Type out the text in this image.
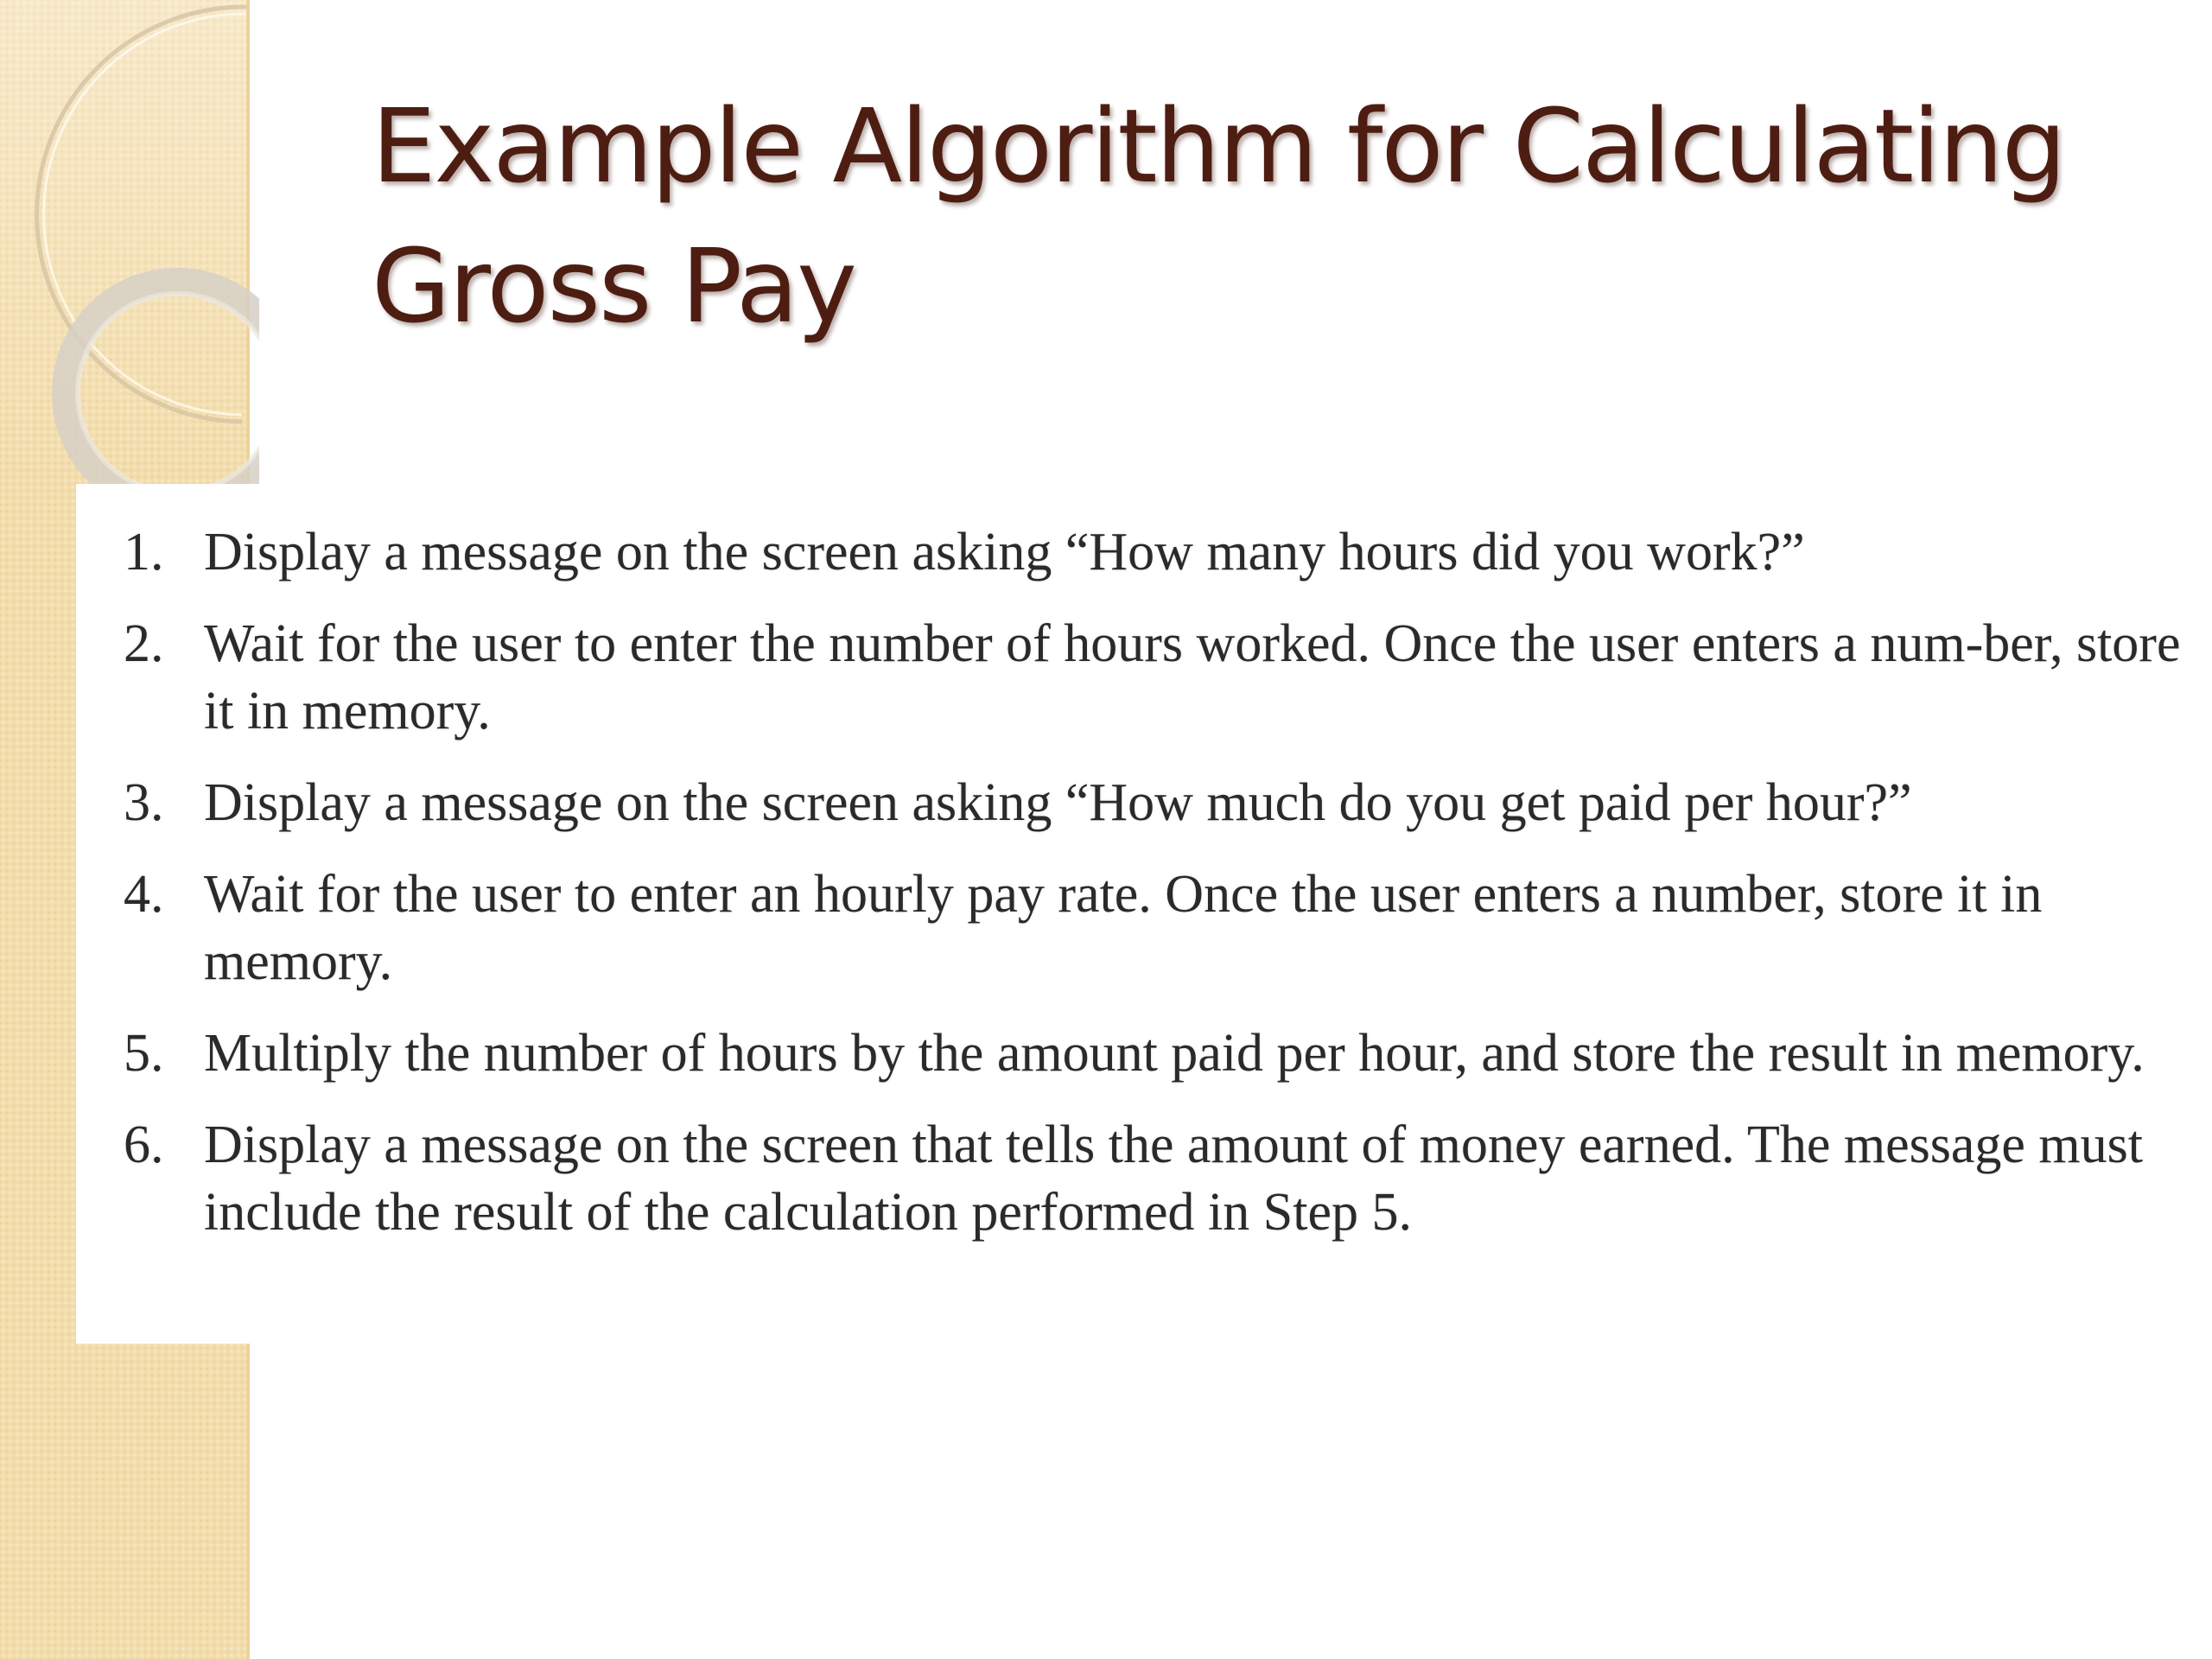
Example Algorithm for Calculating Gross Pay
1. Display a message on the screen asking “How many hours did you work?”
2. Wait for the user to enter the number of hours worked. Once the user enters a num-ber, store it in memory.
3. Display a message on the screen asking “How much do you get paid per hour?”
4. Wait for the user to enter an hourly pay rate. Once the user enters a number, store it in memory.
5. Multiply the number of hours by the amount paid per hour, and store the result in memory.
6. Display a message on the screen that tells the amount of money earned. The message must include the result of the calculation performed in Step 5.
